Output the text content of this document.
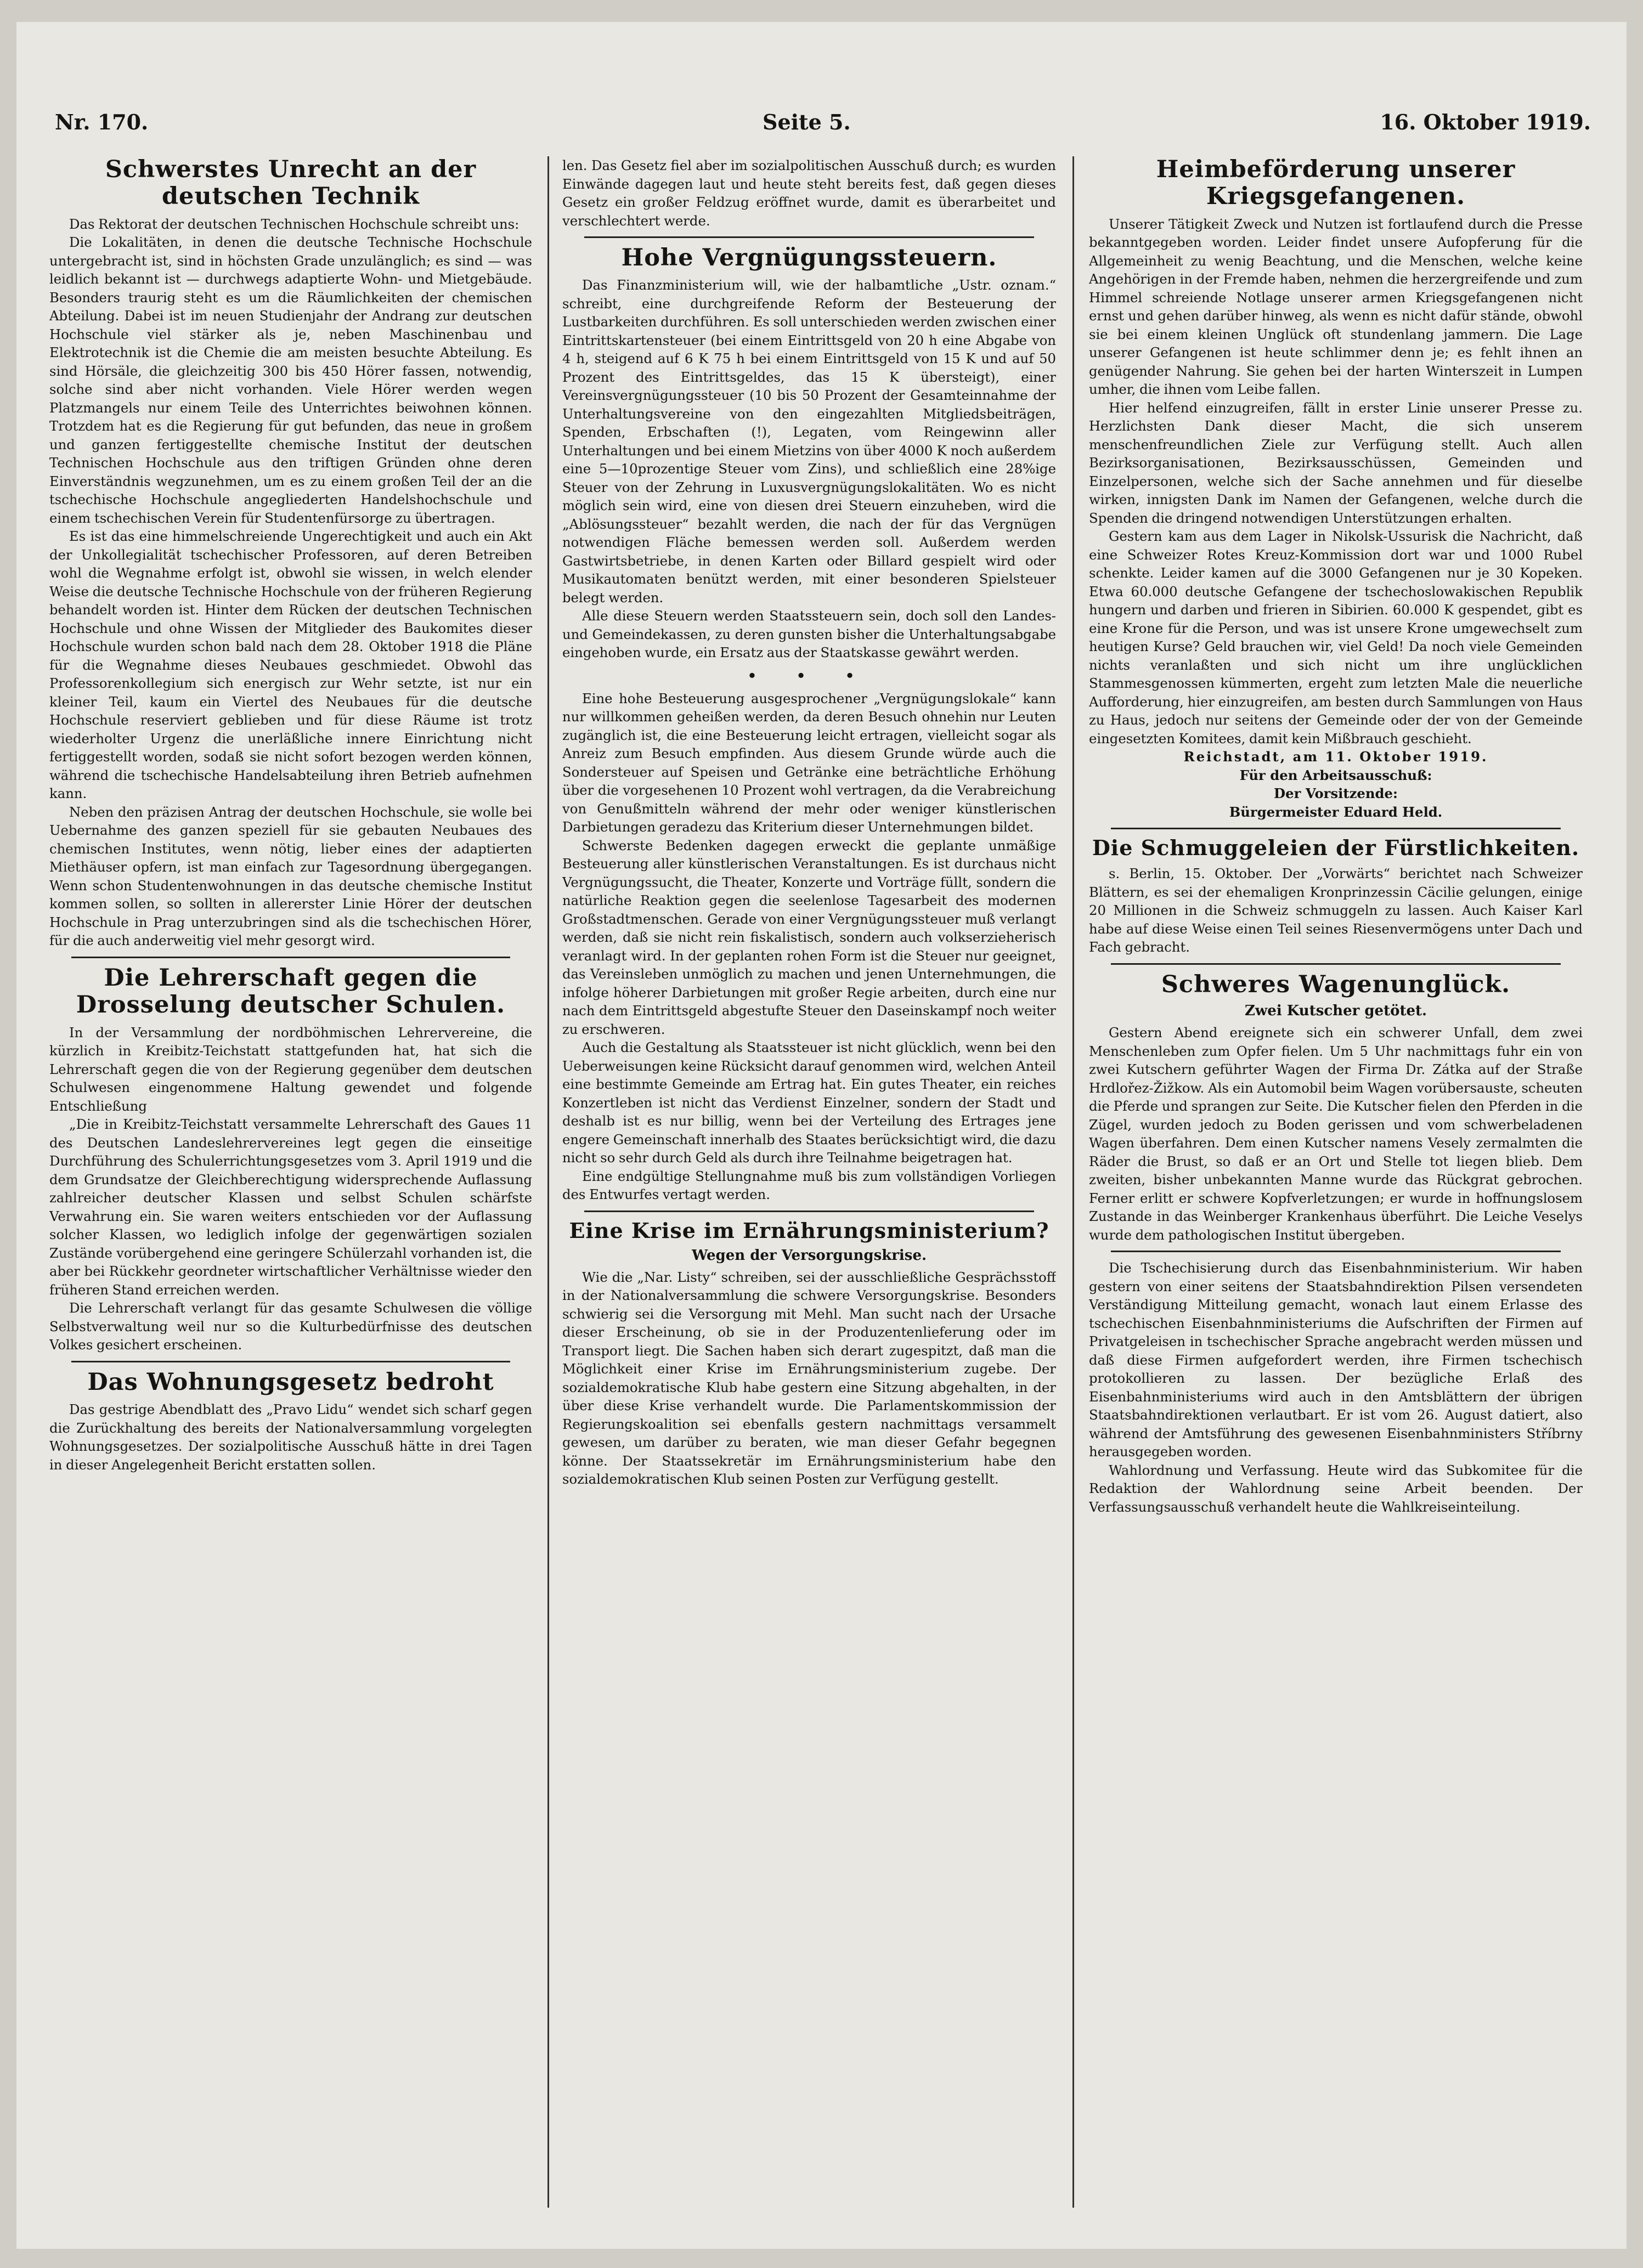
Nr. 170.	Seite 5.	16. Oktober 1919.
Schwerstes Unrecht an der deutschen Technik

Das Rektorat der deutschen Technischen Hochschule schreibt uns:

Die Lokalitäten, in denen die deutsche Technische Hochschule untergebracht ist, sind in höchsten Grade unzulänglich; es sind — was leidlich bekannt ist — durchwegs adaptierte Wohn- und Mietgebäude. Besonders traurig steht es um die Räumlichkeiten der chemischen Abteilung. Dabei ist im neuen Studienjahr der Andrang zur deutschen Hochschule viel stärker als je, neben Maschinenbau und Elektrotechnik ist die Chemie die am meisten besuchte Abteilung. Es sind Hörsäle, die gleichzeitig 300 bis 450 Hörer fassen, notwendig, solche sind aber nicht vorhanden. Viele Hörer werden wegen Platzmangels nur einem Teile des Unterrichtes beiwohnen können. Trotzdem hat es die Regierung für gut befunden, das neue in großem und ganzen fertiggestellte chemische Institut der deutschen Technischen Hochschule aus den triftigen Gründen ohne deren Einverständnis wegzunehmen, um es zu einem großen Teil der an die tschechische Hochschule angegliederten Handelshochschule und einem tschechischen Verein für Studentenfürsorge zu übertragen.

Es ist das eine himmelschreiende Ungerechtigkeit und auch ein Akt der Unkollegialität tschechischer Professoren, auf deren Betreiben wohl die Wegnahme erfolgt ist, obwohl sie wissen, in welch elender Weise die deutsche Technische Hochschule von der früheren Regierung behandelt worden ist. Hinter dem Rücken der deutschen Technischen Hochschule und ohne Wissen der Mitglieder des Baukomites dieser Hochschule wurden schon bald nach dem 28. Oktober 1918 die Pläne für die Wegnahme dieses Neubaues geschmiedet. Obwohl das Professorenkollegium sich energisch zur Wehr setzte, ist nur ein kleiner Teil, kaum ein Viertel des Neubaues für die deutsche Hochschule reserviert geblieben und für diese Räume ist trotz wiederholter Urgenz die unerläßliche innere Einrichtung nicht fertiggestellt worden, sodaß sie nicht sofort bezogen werden können, während die tschechische Handelsabteilung ihren Betrieb aufnehmen kann.

Neben den präzisen Antrag der deutschen Hochschule, sie wolle bei Uebernahme des ganzen speziell für sie gebauten Neubaues des chemischen Institutes, wenn nötig, lieber eines der adaptierten Miethäuser opfern, ist man einfach zur Tagesordnung übergegangen. Wenn schon Studentenwohnungen in das deutsche chemische Institut kommen sollen, so sollten in allererster Linie Hörer der deutschen Hochschule in Prag unterzubringen sind als die tschechischen Hörer, für die auch anderweitig viel mehr gesorgt wird.

Die Lehrerschaft gegen die Drosselung deutscher Schulen.

In der Versammlung der nordböhmischen Lehrervereine, die kürzlich in Kreibitz-Teichstatt stattgefunden hat, hat sich die Lehrerschaft gegen die von der Regierung gegenüber dem deutschen Schulwesen eingenommene Haltung gewendet und folgende Entschließung

„Die in Kreibitz-Teichstatt versammelte Lehrerschaft des Gaues 11 des Deutschen Landeslehrervereines legt gegen die einseitige Durchführung des Schulerrichtungsgesetzes vom 3. April 1919 und die dem Grundsatze der Gleichberechtigung widersprechende Auflassung zahlreicher deutscher Klassen und selbst Schulen schärfste Verwahrung ein. Sie waren weiters entschieden vor der Auflassung solcher Klassen, wo lediglich infolge der gegenwärtigen sozialen Zustände vorübergehend eine geringere Schülerzahl vorhanden ist, die aber bei Rückkehr geordneter wirtschaftlicher Verhältnisse wieder den früheren Stand erreichen werden.

Die Lehrerschaft verlangt für das gesamte Schulwesen die völlige Selbstverwaltung weil nur so die Kulturbedürfnisse des deutschen Volkes gesichert erscheinen.

Das Wohnungsgesetz bedroht

Das gestrige Abendblatt des „Pravo Lidu“ wendet sich scharf gegen die Zurückhaltung des bereits der Nationalversammlung vorgelegten Wohnungsgesetzes. Der sozialpolitische Ausschuß hätte in drei Tagen in dieser Angelegenheit Bericht erstatten sollen.

len. Das Gesetz fiel aber im sozialpolitischen Ausschuß durch; es wurden Einwände dagegen laut und heute steht bereits fest, daß gegen dieses Gesetz ein großer Feldzug eröffnet wurde, damit es überarbeitet und verschlechtert werde.

Hohe Vergnügungssteuern.

Das Finanzministerium will, wie der halbamtliche „Ustr. oznam.“ schreibt, eine durchgreifende Reform der Besteuerung der Lustbarkeiten durchführen. Es soll unterschieden werden zwischen einer Eintrittskartensteuer (bei einem Eintrittsgeld von 20 h eine Abgabe von 4 h, steigend auf 6 K 75 h bei einem Eintrittsgeld von 15 K und auf 50 Prozent des Eintrittsgeldes, das 15 K übersteigt), einer Vereinsvergnügungssteuer (10 bis 50 Prozent der Gesamteinnahme der Unterhaltungsvereine von den eingezahlten Mitgliedsbeiträgen, Spenden, Erbschaften (!), Legaten, vom Reingewinn aller Unterhaltungen und bei einem Mietzins von über 4000 K noch außerdem eine 5—10prozentige Steuer vom Zins), und schließlich eine 28%ige Steuer von der Zehrung in Luxusvergnügungslokalitäten. Wo es nicht möglich sein wird, eine von diesen drei Steuern einzuheben, wird die „Ablösungssteuer“ bezahlt werden, die nach der für das Vergnügen notwendigen Fläche bemessen werden soll. Außerdem werden Gastwirtsbetriebe, in denen Karten oder Billard gespielt wird oder Musikautomaten benützt werden, mit einer besonderen Spielsteuer belegt werden.

Alle diese Steuern werden Staatssteuern sein, doch soll den Landes- und Gemeindekassen, zu deren gunsten bisher die Unterhaltungsabgabe eingehoben wurde, ein Ersatz aus der Staatskasse gewährt werden.

• • •

Eine hohe Besteuerung ausgesprochener „Vergnügungslokale“ kann nur willkommen geheißen werden, da deren Besuch ohnehin nur Leuten zugänglich ist, die eine Besteuerung leicht ertragen, vielleicht sogar als Anreiz zum Besuch empfinden. Aus diesem Grunde würde auch die Sondersteuer auf Speisen und Getränke eine beträchtliche Erhöhung über die vorgesehenen 10 Prozent wohl vertragen, da die Verabreichung von Genußmitteln während der mehr oder weniger künstlerischen Darbietungen geradezu das Kriterium dieser Unternehmungen bildet.

Schwerste Bedenken dagegen erweckt die geplante unmäßige Besteuerung aller künstlerischen Veranstaltungen. Es ist durchaus nicht Vergnügungssucht, die Theater, Konzerte und Vorträge füllt, sondern die natürliche Reaktion gegen die seelenlose Tagesarbeit des modernen Großstadtmenschen. Gerade von einer Vergnügungssteuer muß verlangt werden, daß sie nicht rein fiskalistisch, sondern auch volkserzieherisch veranlagt wird. In der geplanten rohen Form ist die Steuer nur geeignet, das Vereinsleben unmöglich zu machen und jenen Unternehmungen, die infolge höherer Darbietungen mit großer Regie arbeiten, durch eine nur nach dem Eintrittsgeld abgestufte Steuer den Daseinskampf noch weiter zu erschweren.

Auch die Gestaltung als Staatssteuer ist nicht glücklich, wenn bei den Ueberweisungen keine Rücksicht darauf genommen wird, welchen Anteil eine bestimmte Gemeinde am Ertrag hat. Ein gutes Theater, ein reiches Konzertleben ist nicht das Verdienst Einzelner, sondern der Stadt und deshalb ist es nur billig, wenn bei der Verteilung des Ertrages jene engere Gemeinschaft innerhalb des Staates berücksichtigt wird, die dazu nicht so sehr durch Geld als durch ihre Teilnahme beigetragen hat.

Eine endgültige Stellungnahme muß bis zum vollständigen Vorliegen des Entwurfes vertagt werden.

Eine Krise im Ernährungsministerium?
Wegen der Versorgungskrise.

Wie die „Nar. Listy“ schreiben, sei der ausschließliche Gesprächsstoff in der Nationalversammlung die schwere Versorgungskrise. Besonders schwierig sei die Versorgung mit Mehl. Man sucht nach der Ursache dieser Erscheinung, ob sie in der Produzentenlieferung oder im Transport liegt. Die Sachen haben sich derart zugespitzt, daß man die Möglichkeit einer Krise im Ernährungsministerium zugebe. Der sozialdemokratische Klub habe gestern eine Sitzung abgehalten, in der über diese Krise verhandelt wurde. Die Parlamentskommission der Regierungskoalition sei ebenfalls gestern nachmittags versammelt gewesen, um darüber zu beraten, wie man dieser Gefahr begegnen könne. Der Staatssekretär im Ernährungsministerium habe den sozialdemokratischen Klub seinen Posten zur Verfügung gestellt.

Heimbeförderung unserer Kriegsgefangenen.

Unserer Tätigkeit Zweck und Nutzen ist fortlaufend durch die Presse bekanntgegeben worden. Leider findet unsere Aufopferung für die Allgemeinheit zu wenig Beachtung, und die Menschen, welche keine Angehörigen in der Fremde haben, nehmen die herzergreifende und zum Himmel schreiende Notlage unserer armen Kriegsgefangenen nicht ernst und gehen darüber hinweg, als wenn es nicht dafür stände, obwohl sie bei einem kleinen Unglück oft stundenlang jammern. Die Lage unserer Gefangenen ist heute schlimmer denn je; es fehlt ihnen an genügender Nahrung. Sie gehen bei der harten Winterszeit in Lumpen umher, die ihnen vom Leibe fallen.

Hier helfend einzugreifen, fällt in erster Linie unserer Presse zu. Herzlichsten Dank dieser Macht, die sich unserem menschenfreundlichen Ziele zur Verfügung stellt. Auch allen Bezirksorganisationen, Bezirksausschüssen, Gemeinden und Einzelpersonen, welche sich der Sache annehmen und für dieselbe wirken, innigsten Dank im Namen der Gefangenen, welche durch die Spenden die dringend notwendigen Unterstützungen erhalten.

Gestern kam aus dem Lager in Nikolsk-Ussurisk die Nachricht, daß eine Schweizer Rotes Kreuz-Kommission dort war und 1000 Rubel schenkte. Leider kamen auf die 3000 Gefangenen nur je 30 Kopeken. Etwa 60.000 deutsche Gefangene der tschechoslowakischen Republik hungern und darben und frieren in Sibirien. 60.000 K gespendet, gibt es eine Krone für die Person, und was ist unsere Krone umgewechselt zum heutigen Kurse? Geld brauchen wir, viel Geld! Da noch viele Gemeinden nichts veranlaßten und sich nicht um ihre unglücklichen Stammesgenossen kümmerten, ergeht zum letzten Male die neuerliche Aufforderung, hier einzugreifen, am besten durch Sammlungen von Haus zu Haus, jedoch nur seitens der Gemeinde oder der von der Gemeinde eingesetzten Komitees, damit kein Mißbrauch geschieht.

Reichstadt, am 11. Oktober 1919.
Für den Arbeitsausschuß:
Der Vorsitzende:
Bürgermeister Eduard Held.
Die Schmuggeleien der Fürstlichkeiten.

s. Berlin, 15. Oktober. Der „Vorwärts“ berichtet nach Schweizer Blättern, es sei der ehemaligen Kronprinzessin Cäcilie gelungen, einige 20 Millionen in die Schweiz schmuggeln zu lassen. Auch Kaiser Karl habe auf diese Weise einen Teil seines Riesenvermögens unter Dach und Fach gebracht.

Schweres Wagenunglück.
Zwei Kutscher getötet.

Gestern Abend ereignete sich ein schwerer Unfall, dem zwei Menschenleben zum Opfer fielen. Um 5 Uhr nachmittags fuhr ein von zwei Kutschern geführter Wagen der Firma Dr. Zátka auf der Straße Hrdlořez-Žižkow. Als ein Automobil beim Wagen vorübersauste, scheuten die Pferde und sprangen zur Seite. Die Kutscher fielen den Pferden in die Zügel, wurden jedoch zu Boden gerissen und vom schwerbeladenen Wagen überfahren. Dem einen Kutscher namens Vesely zermalmten die Räder die Brust, so daß er an Ort und Stelle tot liegen blieb. Dem zweiten, bisher unbekannten Manne wurde das Rückgrat gebrochen. Ferner erlitt er schwere Kopfverletzungen; er wurde in hoffnungslosem Zustande in das Weinberger Krankenhaus überführt. Die Leiche Veselys wurde dem pathologischen Institut übergeben.

Die Tschechisierung durch das Eisenbahnministerium. Wir haben gestern von einer seitens der Staatsbahndirektion Pilsen versendeten Verständigung Mitteilung gemacht, wonach laut einem Erlasse des tschechischen Eisenbahnministeriums die Aufschriften der Firmen auf Privatgeleisen in tschechischer Sprache angebracht werden müssen und daß diese Firmen aufgefordert werden, ihre Firmen tschechisch protokollieren zu lassen. Der bezügliche Erlaß des Eisenbahnministeriums wird auch in den Amtsblättern der übrigen Staatsbahndirektionen verlautbart. Er ist vom 26. August datiert, also während der Amtsführung des gewesenen Eisenbahnministers Stříbrny herausgegeben worden.

Wahlordnung und Verfassung. Heute wird das Subkomitee für die Redaktion der Wahlordnung seine Arbeit beenden. Der Verfassungsausschuß verhandelt heute die Wahlkreiseinteilung.
